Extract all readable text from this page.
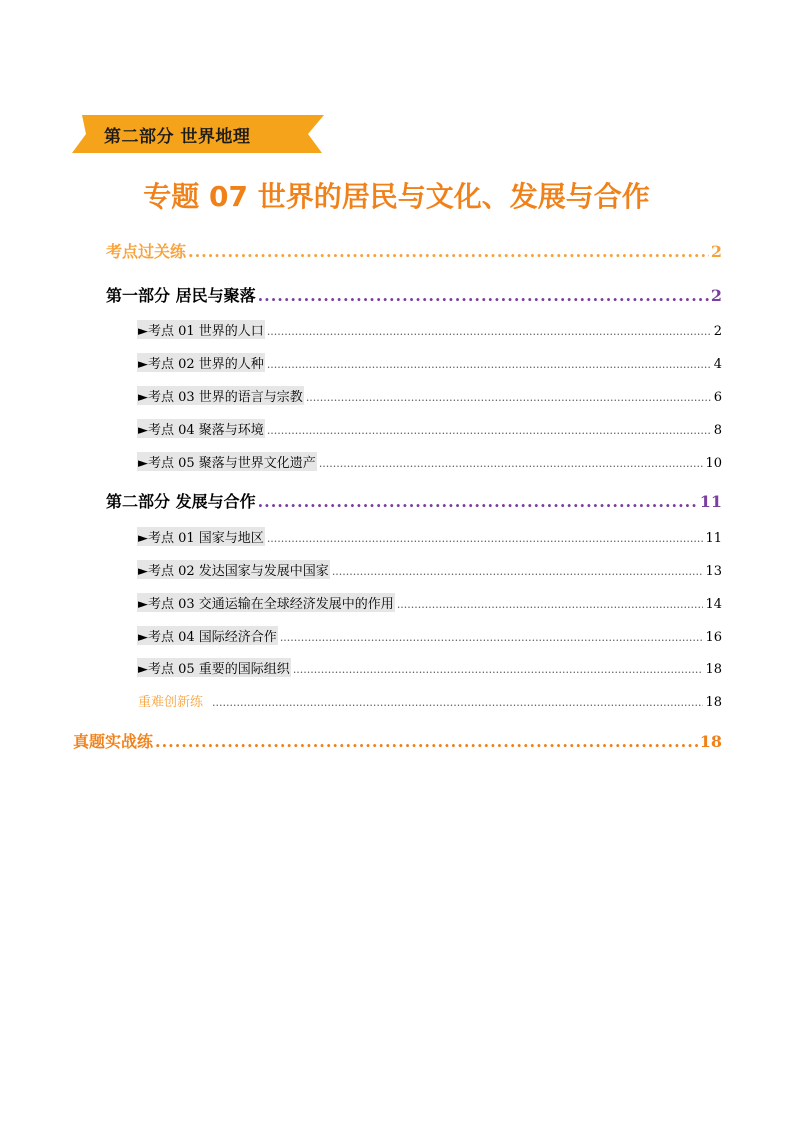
第二部分 世界地理
专题 07 世界的居民与文化、发展与合作
考点过关练 .....	2
第一部分 居民与聚落 .....	2
►考点 01 世界的人口 .....	2
►考点 02 世界的人种 .....	4
►考点 03 世界的语言与宗教 .....	6
►考点 04 聚落与环境 .....	8
►考点 05 聚落与世界文化遗产 .....	10
第二部分 发展与合作 .....	11
►考点 01 国家与地区 .....	11
►考点 02 发达国家与发展中国家 .....	13
►考点 03 交通运输在全球经济发展中的作用 .....	14
►考点 04 国际经济合作 .....	16
►考点 05 重要的国际组织 .....	18
重难创新练 .....	18
真题实战练 .....	18
